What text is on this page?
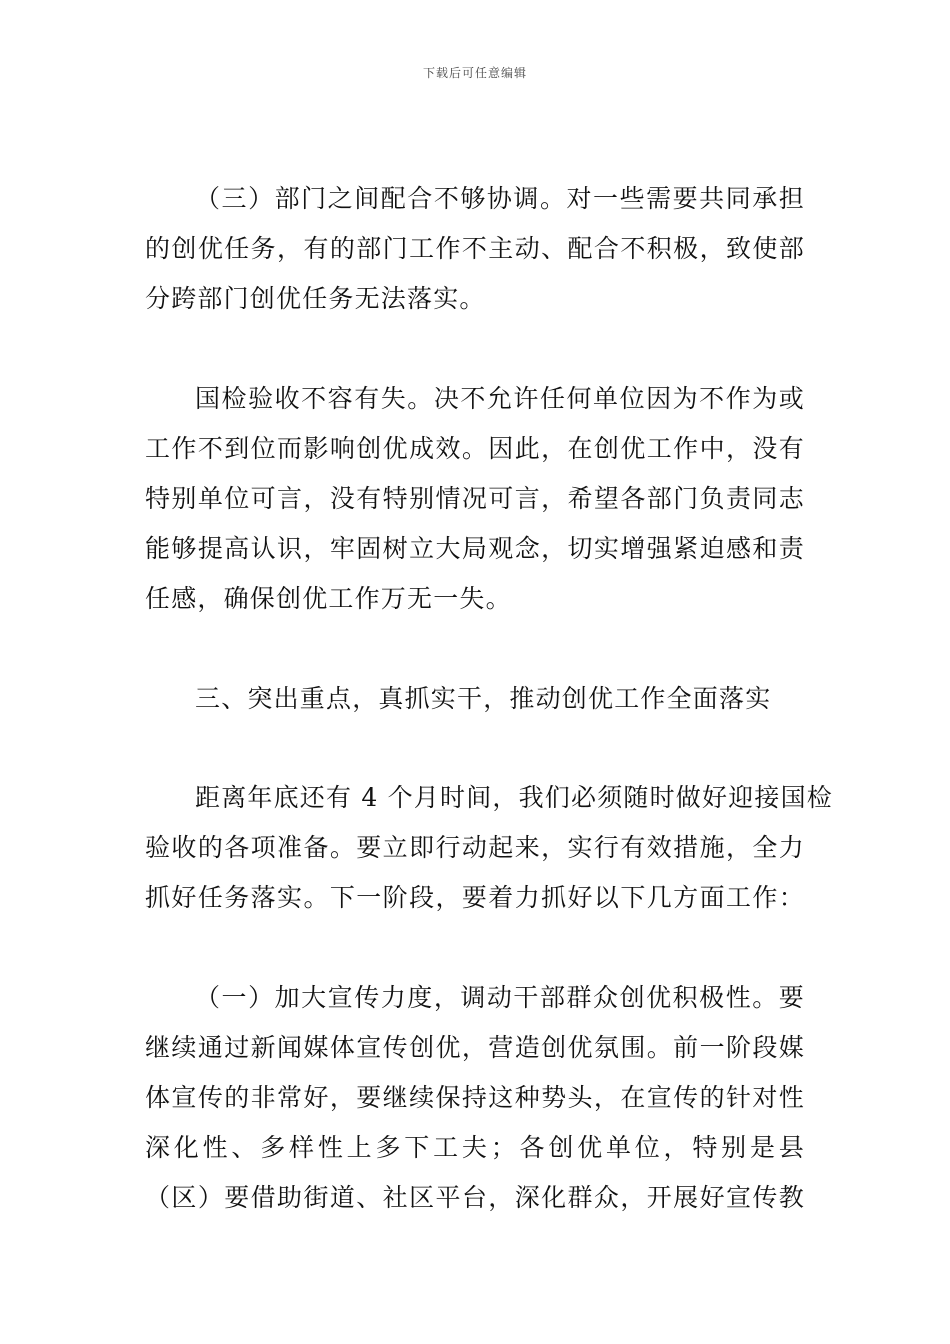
下载后可任意编辑
（三）部门之间配合不够协调。对一些需要共同承担
的创优任务，有的部门工作不主动、配合不积极，致使部
分跨部门创优任务无法落实。
国检验收不容有失。决不允许任何单位因为不作为或
工作不到位而影响创优成效。因此，在创优工作中，没有
特别单位可言，没有特别情况可言，希望各部门负责同志
能够提高认识，牢固树立大局观念，切实增强紧迫感和责
任感，确保创优工作万无一失。
三、突出重点，真抓实干，推动创优工作全面落实
距离年底还有 4 个月时间，我们必须随时做好迎接国检
验收的各项准备。要立即行动起来，实行有效措施，全力
抓好任务落实。下一阶段，要着力抓好以下几方面工作：
（一）加大宣传力度，调动干部群众创优积极性。要
继续通过新闻媒体宣传创优，营造创优氛围。前一阶段媒
体宣传的非常好，要继续保持这种势头，在宣传的针对性
深化性、多样性上多下工夫；各创优单位，特别是县
（区）要借助街道、社区平台，深化群众，开展好宣传教
